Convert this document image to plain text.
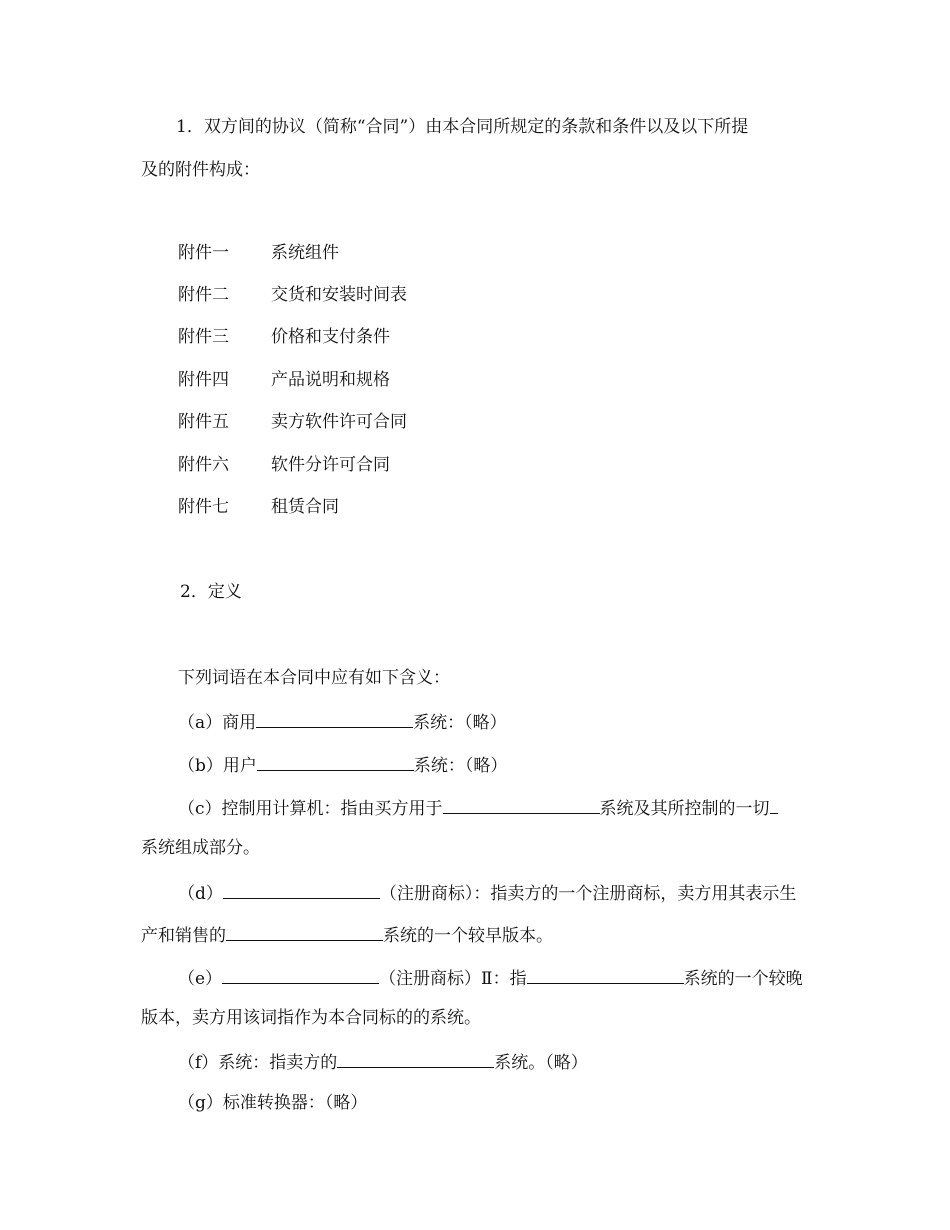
1．双方间的协议（简称“合同”）由本合同所规定的条款和条件以及以下所提
及的附件构成：
附件一 系统组件
附件二 交货和安装时间表
附件三 价格和支付条件
附件四 产品说明和规格
附件五 卖方软件许可合同
附件六 软件分许可合同
附件七 租赁合同
2．定义
下列词语在本合同中应有如下含义：
（a）商用	系统：（略）
（b）用户	系统：（略）
（c）控制用计算机：指由买方用于	系统及其所控制的一切
系统组成部分。
（d）	（注册商标）：指卖方的一个注册商标，卖方用其表示生
产和销售的	系统的一个较早版本。
（e）	（注册商标）Ⅱ：指	系统的一个较晚
版本，卖方用该词指作为本合同标的的系统。
（f）系统：指卖方的	系统。（略）
（g）标准转换器：（略）
